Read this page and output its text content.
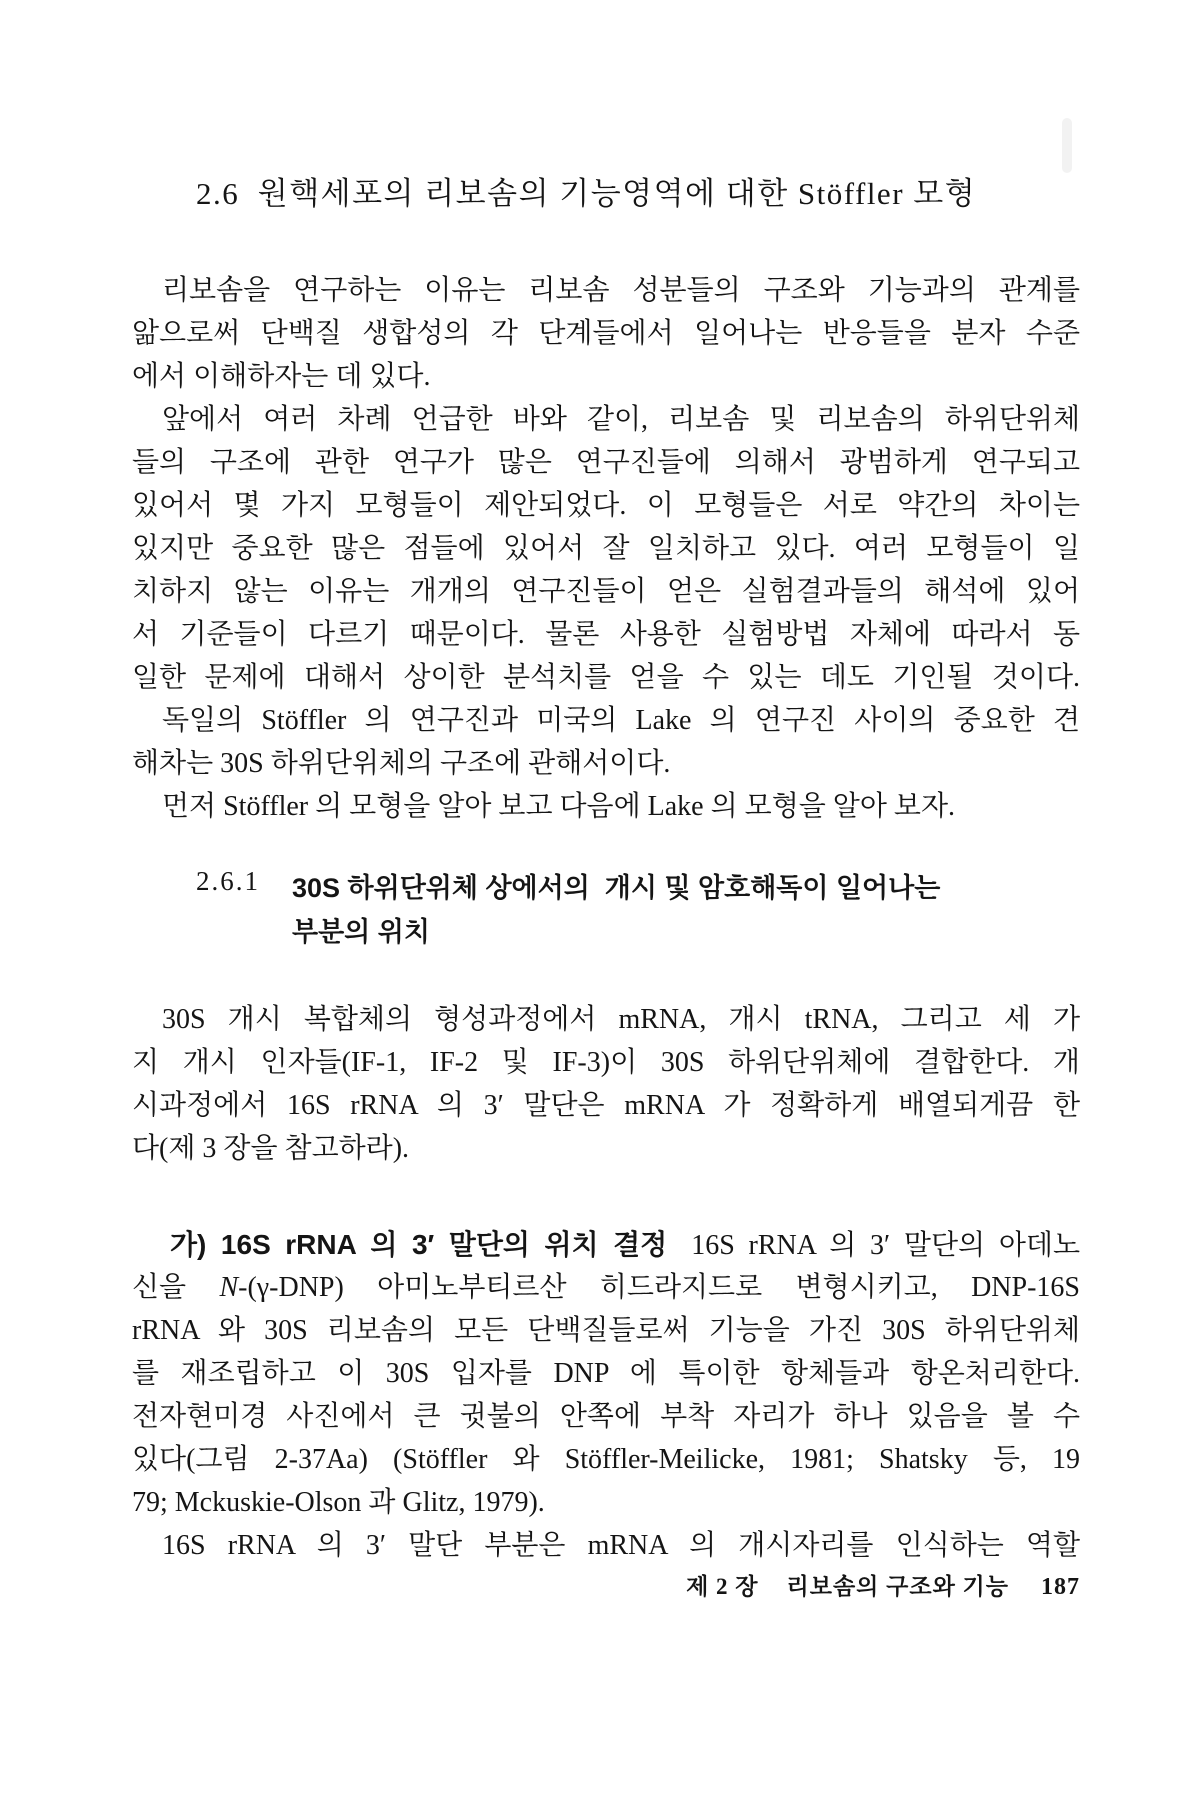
2.6  원핵세포의 리보솜의 기능영역에 대한 Stöffler 모형
리보솜을 연구하는 이유는 리보솜 성분들의 구조와 기능과의 관계를
앎으로써 단백질 생합성의 각 단계들에서 일어나는 반응들을 분자 수준
에서 이해하자는 데 있다.
앞에서 여러 차례 언급한 바와 같이, 리보솜 및 리보솜의 하위단위체
들의 구조에 관한 연구가 많은 연구진들에 의해서 광범하게 연구되고
있어서 몇 가지 모형들이 제안되었다. 이 모형들은 서로 약간의 차이는
있지만 중요한 많은 점들에 있어서 잘 일치하고 있다. 여러 모형들이 일
치하지 않는 이유는 개개의 연구진들이 얻은 실험결과들의 해석에 있어
서 기준들이 다르기 때문이다. 물론 사용한 실험방법 자체에 따라서 동
일한 문제에 대해서 상이한 분석치를 얻을 수 있는 데도 기인될 것이다.
독일의 Stöffler 의 연구진과 미국의 Lake 의 연구진 사이의 중요한 견
해차는 30S 하위단위체의 구조에 관해서이다.
먼저 Stöffler 의 모형을 알아 보고 다음에 Lake 의 모형을 알아 보자.
2.6.1 30S 하위단위체 상에서의  개시 및 암호해독이 일어나는
부분의 위치
30S 개시 복합체의 형성과정에서 mRNA, 개시 tRNA, 그리고 세 가
지 개시 인자들(IF-1, IF-2 및 IF-3)이 30S 하위단위체에 결합한다. 개
시과정에서 16S rRNA 의 3′ 말단은 mRNA 가 정확하게 배열되게끔 한
다(제 3 장을 참고하라).
가) 16S rRNA 의 3′ 말단의 위치 결정 16S rRNA 의 3′ 말단의 아데노
신을 N-(γ-DNP) 아미노부티르산 히드라지드로 변형시키고, DNP-16S
rRNA 와 30S 리보솜의 모든 단백질들로써 기능을 가진 30S 하위단위체
를 재조립하고 이 30S 입자를 DNP 에 특이한 항체들과 항온처리한다.
전자현미경 사진에서 큰 귓불의 안쪽에 부착 자리가 하나 있음을 볼 수
있다(그림 2-37Aa) (Stöffler 와 Stöffler-Meilicke, 1981; Shatsky 등, 19
79; Mckuskie-Olson 과 Glitz, 1979).
16S rRNA 의 3′ 말단 부분은 mRNA 의 개시자리를 인식하는 역할
제 2 장 리보솜의 구조와 기능 187
